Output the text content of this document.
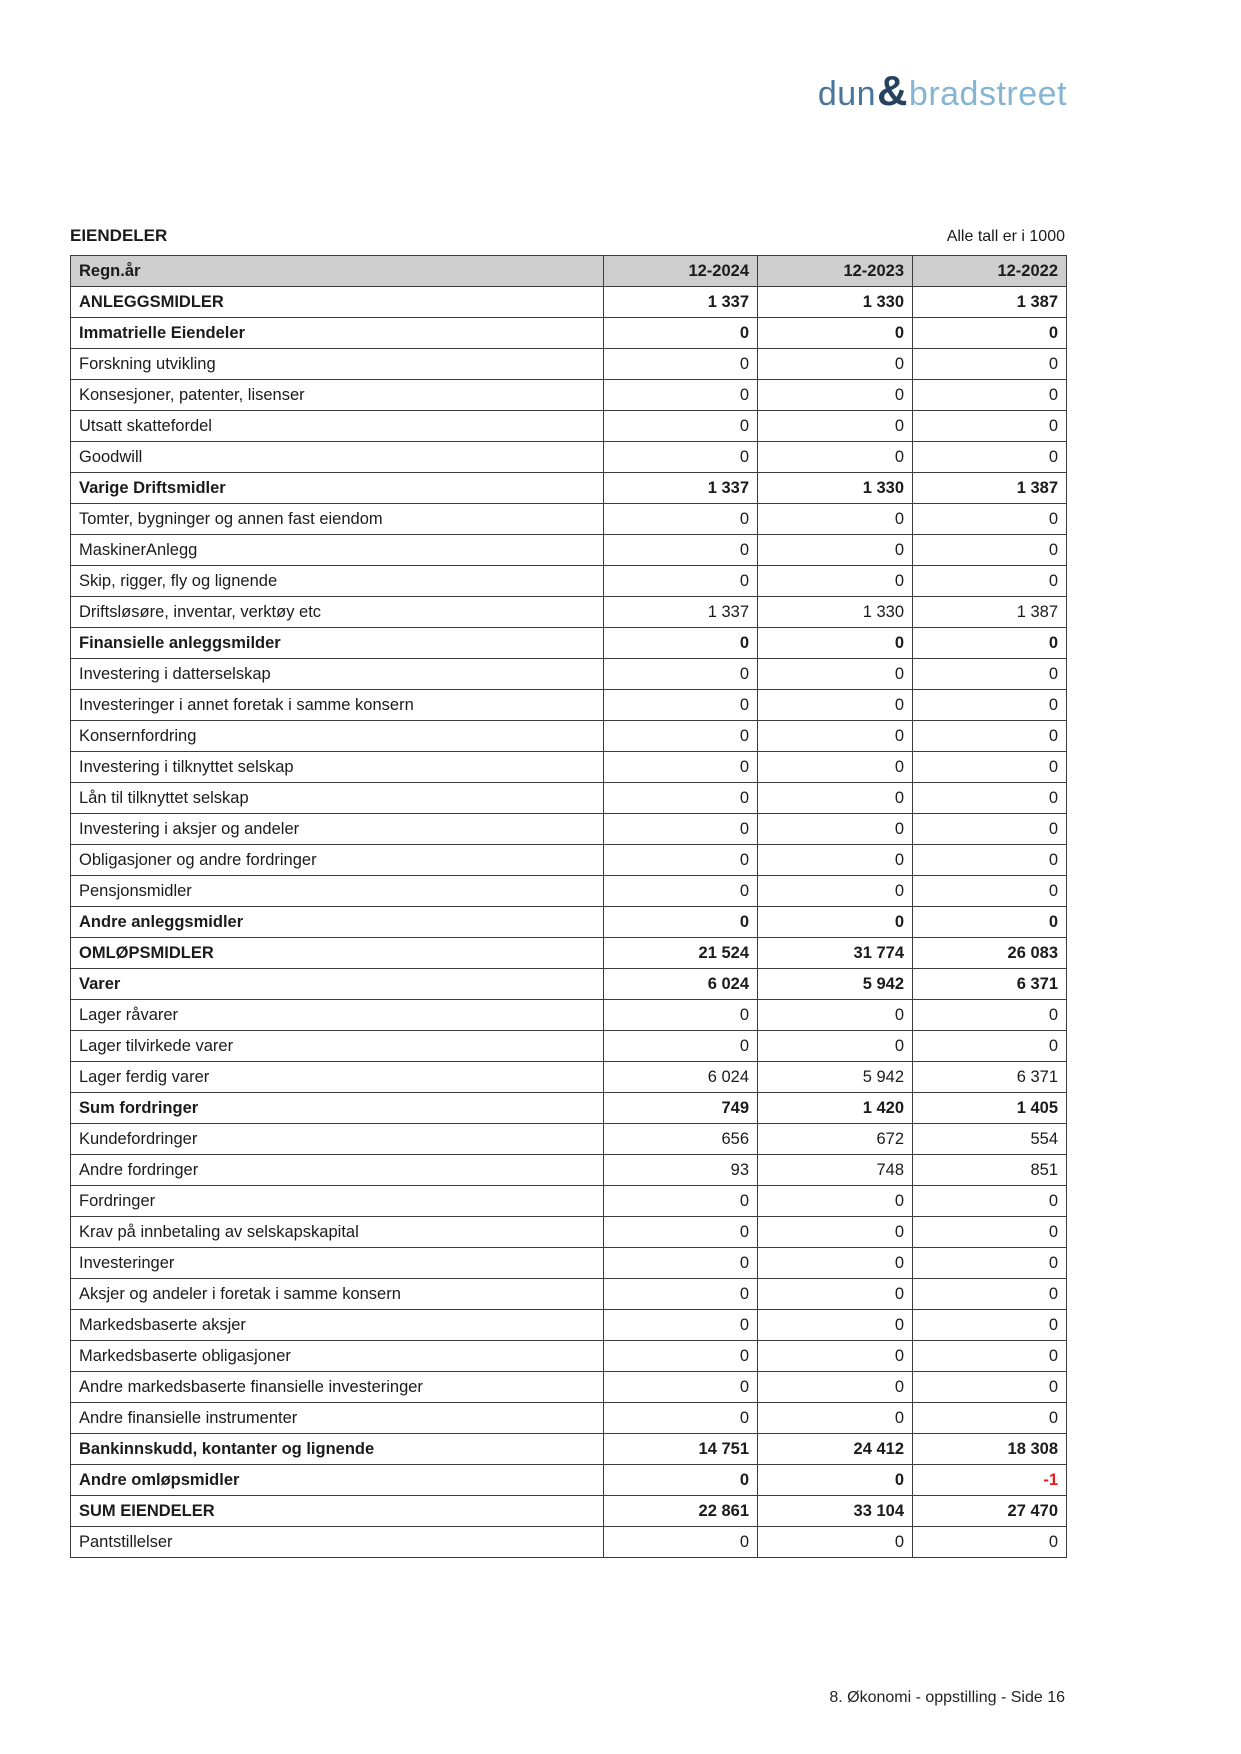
dun & bradstreet
EIENDELER	Alle tall er i 1000
Regn.år	12-2024	12-2023	12-2022
ANLEGGSMIDLER	1 337	1 330	1 387
Immatrielle Eiendeler	0	0	0
Forskning utvikling	0	0	0
Konsesjoner, patenter, lisenser	0	0	0
Utsatt skattefordel	0	0	0
Goodwill	0	0	0
Varige Driftsmidler	1 337	1 330	1 387
Tomter, bygninger og annen fast eiendom	0	0	0
MaskinerAnlegg	0	0	0
Skip, rigger, fly og lignende	0	0	0
Driftsløsøre, inventar, verktøy etc	1 337	1 330	1 387
Finansielle anleggsmilder	0	0	0
Investering i datterselskap	0	0	0
Investeringer i annet foretak i samme konsern	0	0	0
Konsernfordring	0	0	0
Investering i tilknyttet selskap	0	0	0
Lån til tilknyttet selskap	0	0	0
Investering i aksjer og andeler	0	0	0
Obligasjoner og andre fordringer	0	0	0
Pensjonsmidler	0	0	0
Andre anleggsmidler	0	0	0
OMLØPSMIDLER	21 524	31 774	26 083
Varer	6 024	5 942	6 371
Lager råvarer	0	0	0
Lager tilvirkede varer	0	0	0
Lager ferdig varer	6 024	5 942	6 371
Sum fordringer	749	1 420	1 405
Kundefordringer	656	672	554
Andre fordringer	93	748	851
Fordringer	0	0	0
Krav på innbetaling av selskapskapital	0	0	0
Investeringer	0	0	0
Aksjer og andeler i foretak i samme konsern	0	0	0
Markedsbaserte aksjer	0	0	0
Markedsbaserte obligasjoner	0	0	0
Andre markedsbaserte finansielle investeringer	0	0	0
Andre finansielle instrumenter	0	0	0
Bankinnskudd, kontanter og lignende	14 751	24 412	18 308
Andre omløpsmidler	0	0	-1
SUM EIENDELER	22 861	33 104	27 470
Pantstillelser	0	0	0
8. Økonomi - oppstilling - Side 16
